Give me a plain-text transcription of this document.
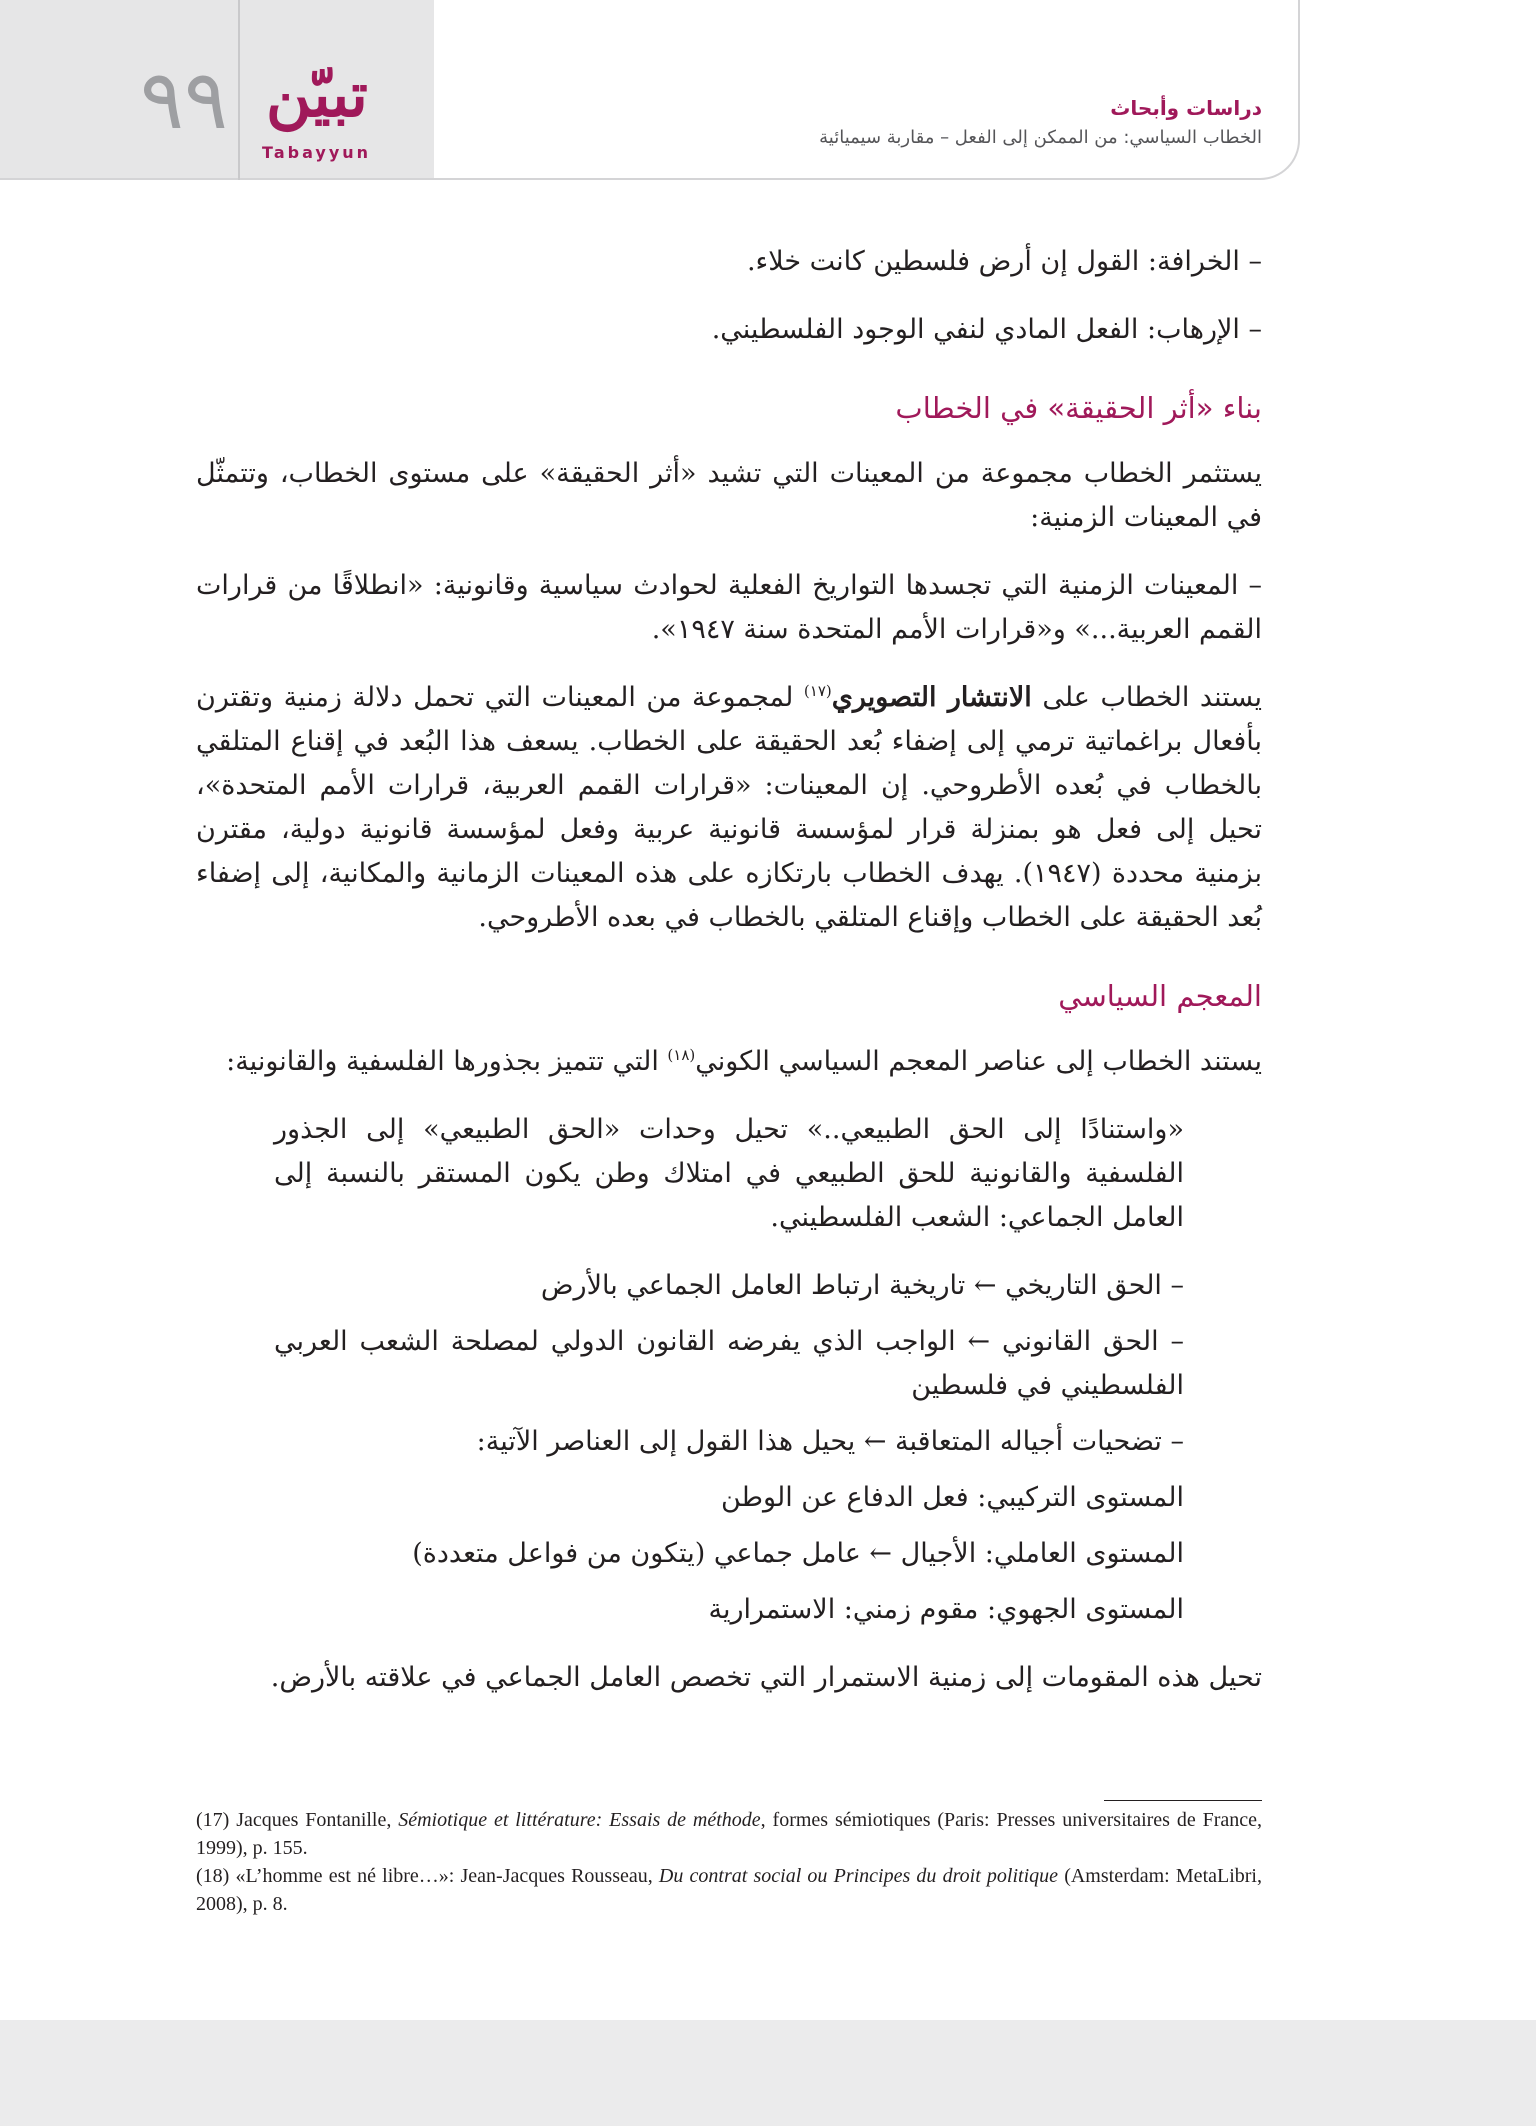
٩٩ تبيّن
Tabayyun
دراسات وأبحاث
الخطاب السياسي: من الممكن إلى الفعل – مقاربة سيميائية

– الخرافة: القول إن أرض فلسطين كانت خلاء.

– الإرهاب: الفعل المادي لنفي الوجود الفلسطيني.

بناء «أثر الحقيقة» في الخطاب

يستثمر الخطاب مجموعة من المعينات التي تشيد «أثر الحقيقة» على مستوى الخطاب، وتتمثّل في المعينات الزمنية:

– المعينات الزمنية التي تجسدها التواريخ الفعلية لحوادث سياسية وقانونية: «انطلاقًا من قرارات القمم العربية...» و«قرارات الأمم المتحدة سنة ١٩٤٧».

يستند الخطاب على الانتشار التصويري$^{(١٧)}$ لمجموعة من المعينات التي تحمل دلالة زمنية وتقترن بأفعال براغماتية ترمي إلى إضفاء بُعد الحقيقة على الخطاب. يسعف هذا البُعد في إقناع المتلقي بالخطاب في بُعده الأطروحي. إن المعينات: «قرارات القمم العربية، قرارات الأمم المتحدة»، تحيل إلى فعل هو بمنزلة قرار لمؤسسة قانونية عربية وفعل لمؤسسة قانونية دولية، مقترن بزمنية محددة (١٩٤٧). يهدف الخطاب بارتكازه على هذه المعينات الزمانية والمكانية، إلى إضفاء بُعد الحقيقة على الخطاب وإقناع المتلقي بالخطاب في بعده الأطروحي.

المعجم السياسي

يستند الخطاب إلى عناصر المعجم السياسي الكوني$^{(١٨)}$ التي تتميز بجذورها الفلسفية والقانونية:

«واستنادًا إلى الحق الطبيعي..» تحيل وحدات «الحق الطبيعي» إلى الجذور الفلسفية والقانونية للحق الطبيعي في امتلاك وطن يكون المستقر بالنسبة إلى العامل الجماعي: الشعب الفلسطيني.

– الحق التاريخي ← تاريخية ارتباط العامل الجماعي بالأرض

– الحق القانوني ← الواجب الذي يفرضه القانون الدولي لمصلحة الشعب العربي الفلسطيني في فلسطين

– تضحيات أجياله المتعاقبة ← يحيل هذا القول إلى العناصر الآتية:

المستوى التركيبي: فعل الدفاع عن الوطن

المستوى العاملي: الأجيال ← عامل جماعي (يتكون من فواعل متعددة)

المستوى الجهوي: مقوم زمني: الاستمرارية

تحيل هذه المقومات إلى زمنية الاستمرار التي تخصص العامل الجماعي في علاقته بالأرض.

(17) Jacques Fontanille, Sémiotique et littérature: Essais de méthode, formes sémiotiques (Paris: Presses universitaires de France, 1999), p. 155.

(18) «L’homme est né libre…»: Jean-Jacques Rousseau, Du contrat social ou Principes du droit politique (Amsterdam: MetaLibri, 2008), p. 8.
